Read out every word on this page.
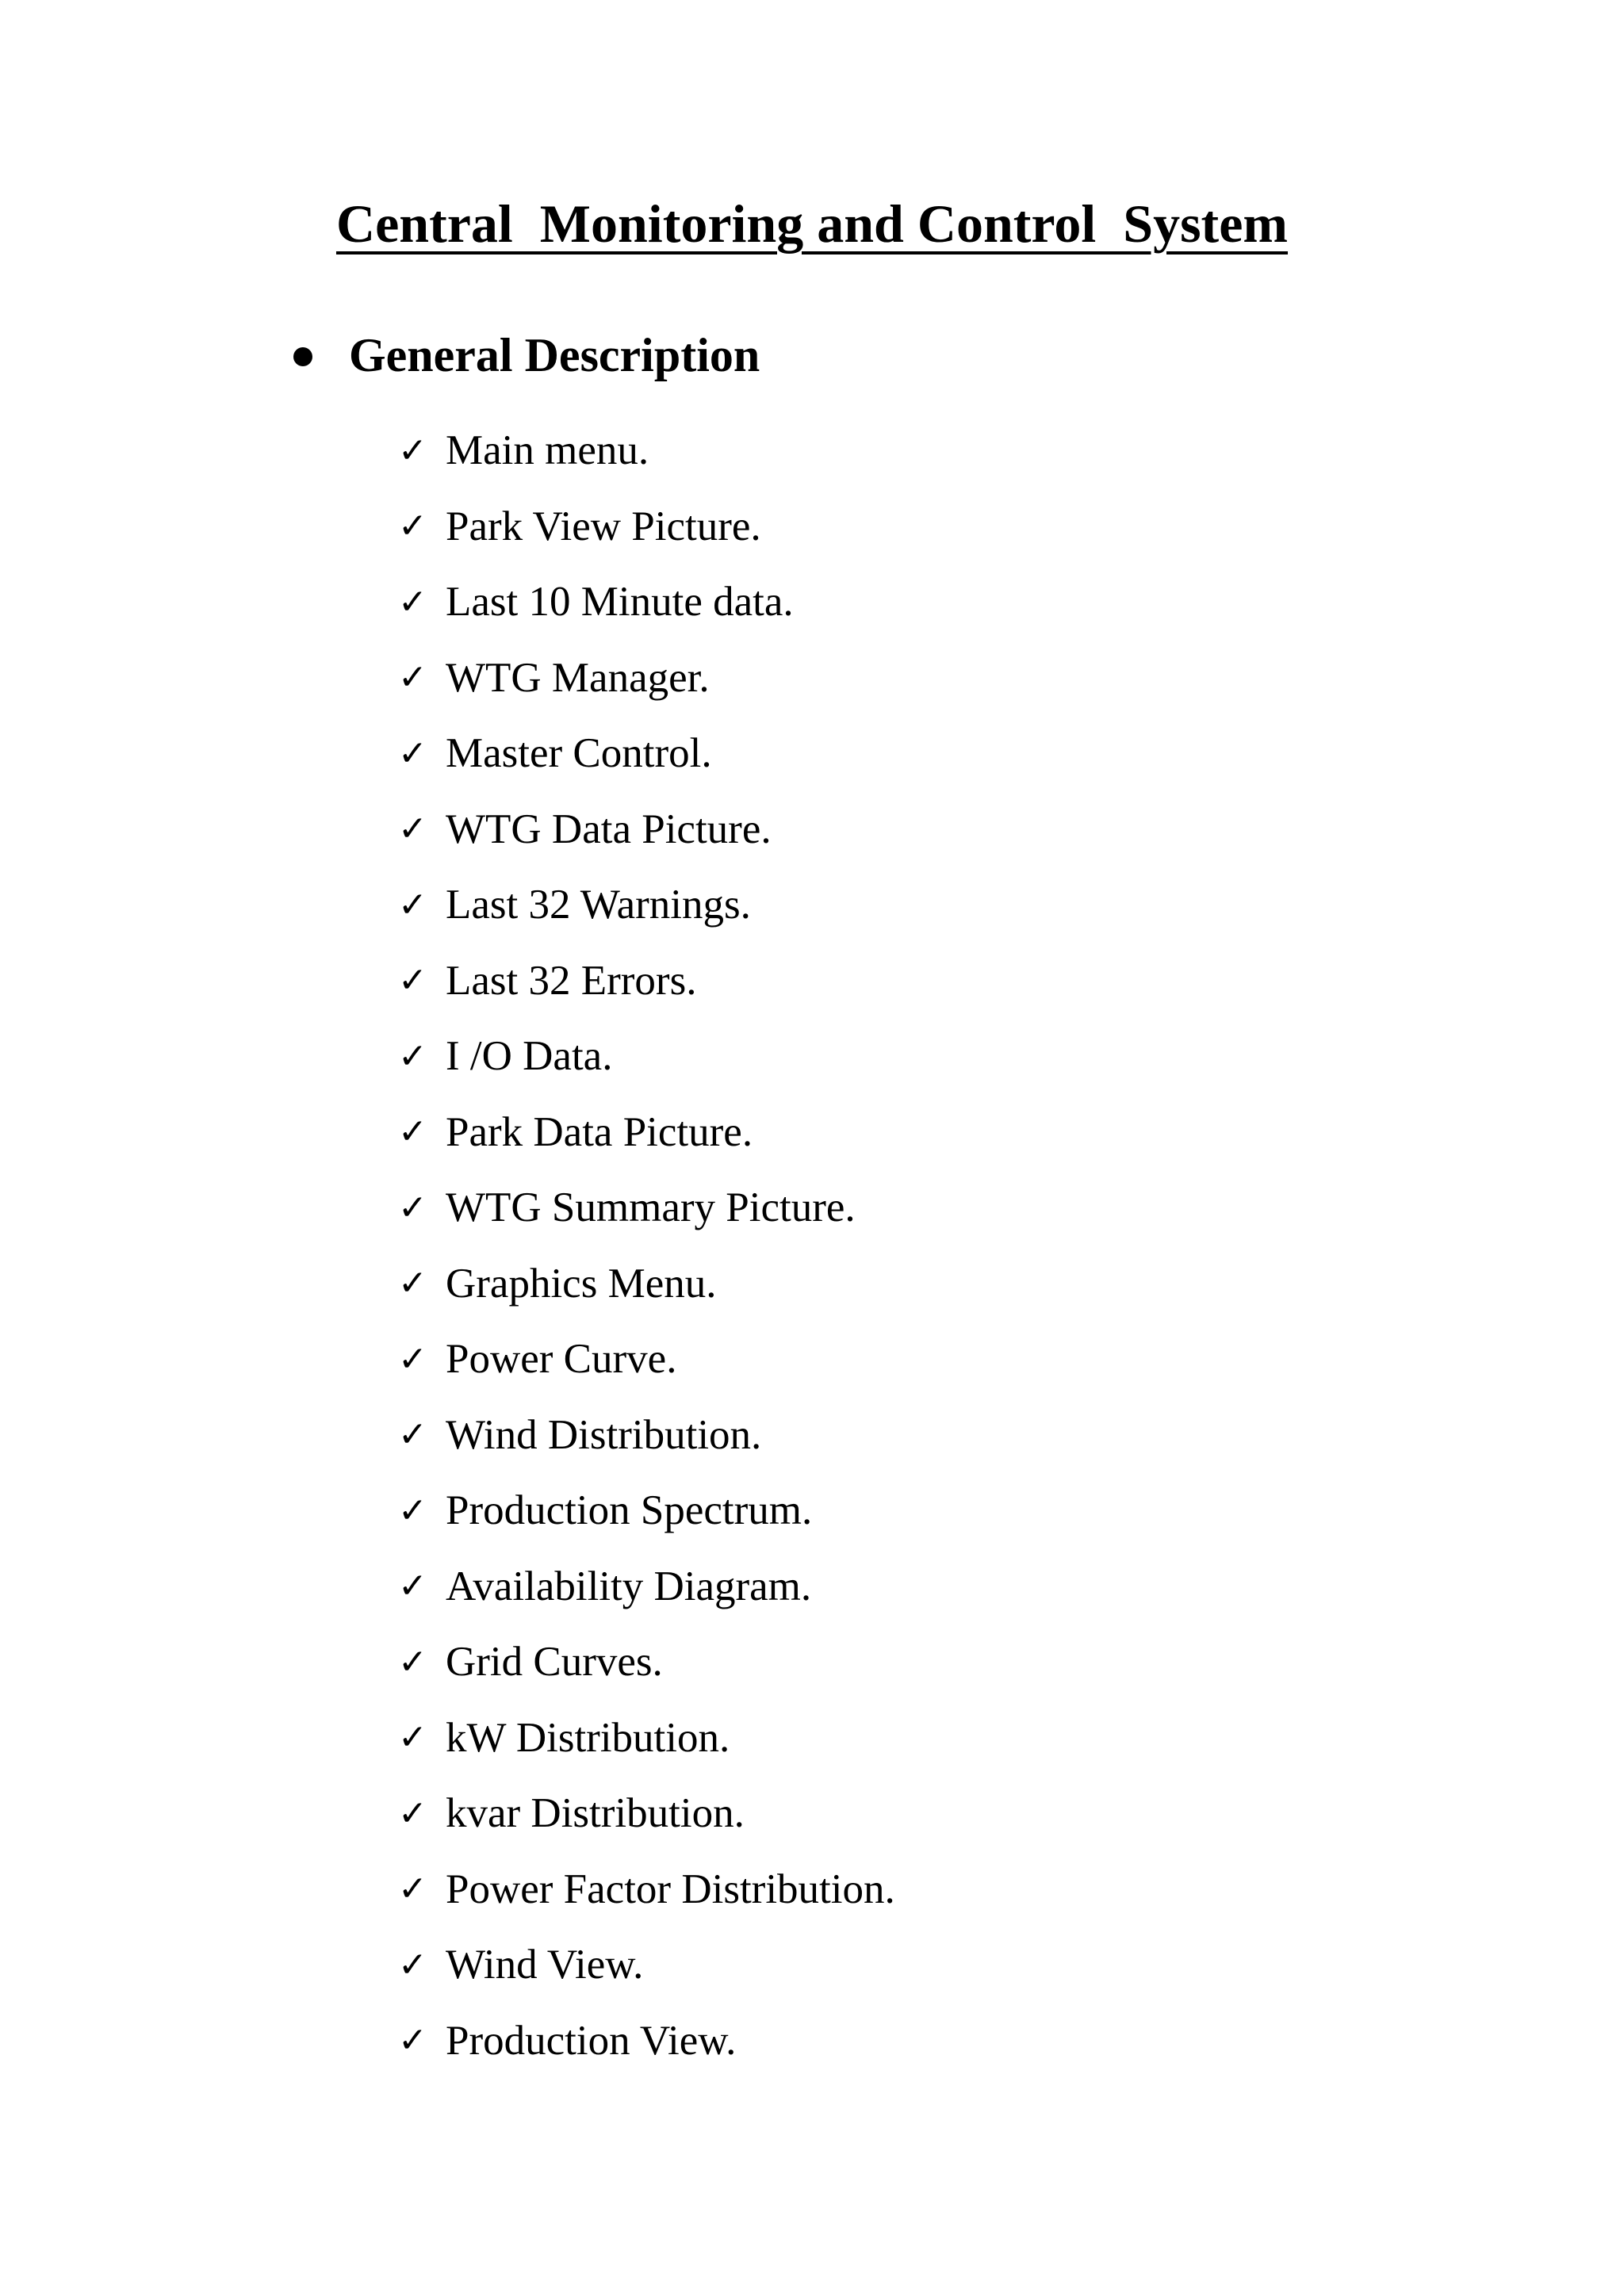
Central  Monitoring and Control  System
General Description
✓ Main menu.
✓ Park View Picture.
✓ Last 10 Minute data.
✓ WTG Manager.
✓ Master Control.
✓ WTG Data Picture.
✓ Last 32 Warnings.
✓ Last 32 Errors.
✓ I /O Data.
✓ Park Data Picture.
✓ WTG Summary Picture.
✓ Graphics Menu.
✓ Power Curve.
✓ Wind Distribution.
✓ Production Spectrum.
✓ Availability Diagram.
✓ Grid Curves.
✓ kW Distribution.
✓ kvar Distribution.
✓ Power Factor Distribution.
✓ Wind View.
✓ Production View.
